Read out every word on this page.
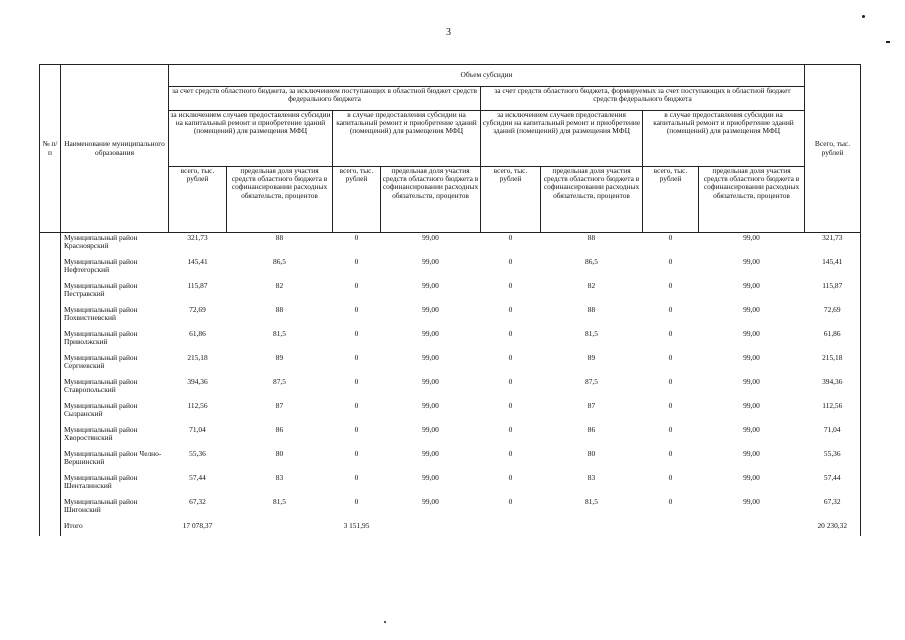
3
№ п/п	Наименование муниципального образования	Объем субсидии								Всего, тыс. рублей
		за счет средств областного бюджета, за исключением поступающих в областной бюджет средств федерального бюджета				за счет средств областного бюджета, формируемых за счет поступающих в областной бюджет средств федерального бюджета				
		за исключением случаев предоставления субсидии на капитальный ремонт и приобретение зданий (помещений) для размещения МФЦ		в случае предоставления субсидии на капитальный ремонт и приобретение зданий (помещений) для размещения МФЦ		за исключением случаев предоставления субсидии на капитальный ремонт и приобретение зданий (помещений) для размещения МФЦ		в случае предоставления субсидии на капитальный ремонт и приобретение зданий (помещений) для размещения МФЦ		
		всего, тыс. рублей	предельная доля участия средств областного бюджета в софинансировании расходных обязательств, процентов	всего, тыс. рублей	предельная доля участия средств областного бюджета в софинансировании расходных обязательств, процентов	всего, тыс. рублей	предельная доля участия средств областного бюджета в софинансировании расходных обязательств, процентов	всего, тыс. рублей	предельная доля участия средств областного бюджета в софинансировании расходных обязательств, процентов	
	Муниципальный район Красноярский	321,73	88	0	99,00	0	88	0	99,00	321,73
	Муниципальный район Нефтегорский	145,41	86,5	0	99,00	0	86,5	0	99,00	145,41
	Муниципальный район Пестравский	115,87	82	0	99,00	0	82	0	99,00	115,87
	Муниципальный район Похвистневский	72,69	88	0	99,00	0	88	0	99,00	72,69
	Муниципальный район Приволжский	61,86	81,5	0	99,00	0	81,5	0	99,00	61,86
	Муниципальный район Сергиевский	215,18	89	0	99,00	0	89	0	99,00	215,18
	Муниципальный район Ставропольский	394,36	87,5	0	99,00	0	87,5	0	99,00	394,36
	Муниципальный район Сызранский	112,56	87	0	99,00	0	87	0	99,00	112,56
	Муниципальный район Хворостянский	71,04	86	0	99,00	0	86	0	99,00	71,04
	Муниципальный район Челно-Вершинский	55,36	80	0	99,00	0	80	0	99,00	55,36
	Муниципальный район Шенталинский	57,44	83	0	99,00	0	83	0	99,00	57,44
	Муниципальный район Шигонский	67,32	81,5	0	99,00	0	81,5	0	99,00	67,32
	Итого	17 078,37		3 151,95						20 230,32
